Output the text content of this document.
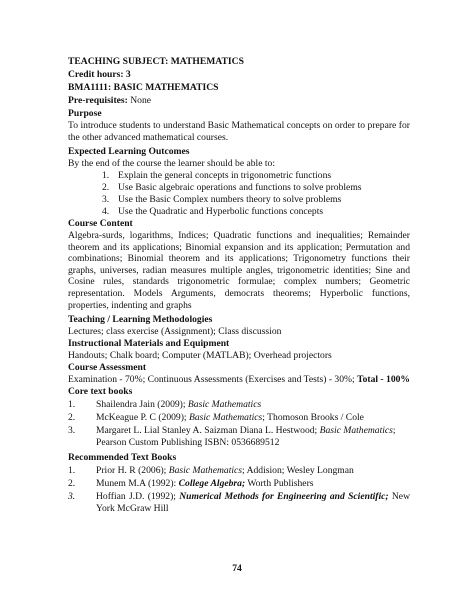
TEACHING SUBJECT: MATHEMATICS
Credit hours: 3
BMA1111: BASIC MATHEMATICS
Pre-requisites: None
Purpose
To introduce students to understand Basic Mathematical concepts on order to prepare for the other advanced mathematical courses.
Expected Learning Outcomes
By the end of the course the learner should be able to:
1. Explain the general concepts in trigonometric functions
2. Use Basic algebraic operations and functions to solve problems
3. Use the Basic Complex numbers theory to solve problems
4. Use the Quadratic and Hyperbolic functions concepts
Course Content
Algebra-surds, logarithms, Indices; Quadratic functions and inequalities; Remainder theorem and its applications; Binomial expansion and its application; Permutation and combinations; Binomial theorem and its applications; Trigonometry functions their graphs, universes, radian measures multiple angles, trigonometric identities; Sine and Cosine rules, standards trigonometric formulae; complex numbers; Geometric representation. Models Arguments, democrats theorems; Hyperbolic functions, properties, indenting and graphs
Teaching / Learning Methodologies
Lectures; class exercise (Assignment); Class discussion
Instructional Materials and Equipment
Handouts; Chalk board; Computer (MATLAB); Overhead projectors
Course Assessment
Examination - 70%; Continuous Assessments (Exercises and Tests) - 30%; Total - 100%
Core text books
1. Shailendra Jain (2009); Basic Mathematics
2. McKeague P. C (2009); Basic Mathematics; Thomoson Brooks / Cole
3. Margaret L. Lial Stanley A. Saizman Diana L. Hestwood; Basic Mathematics; Pearson Custom Publishing ISBN: 0536689512
Recommended Text Books
1. Prior H. R (2006); Basic Mathematics; Addision; Wesley Longman
2. Munem M.A (1992): College Algebra; Worth Publishers
3. Hoffian J.D. (1992); Numerical Methods for Engineering and Scientific; New York McGraw Hill
74
